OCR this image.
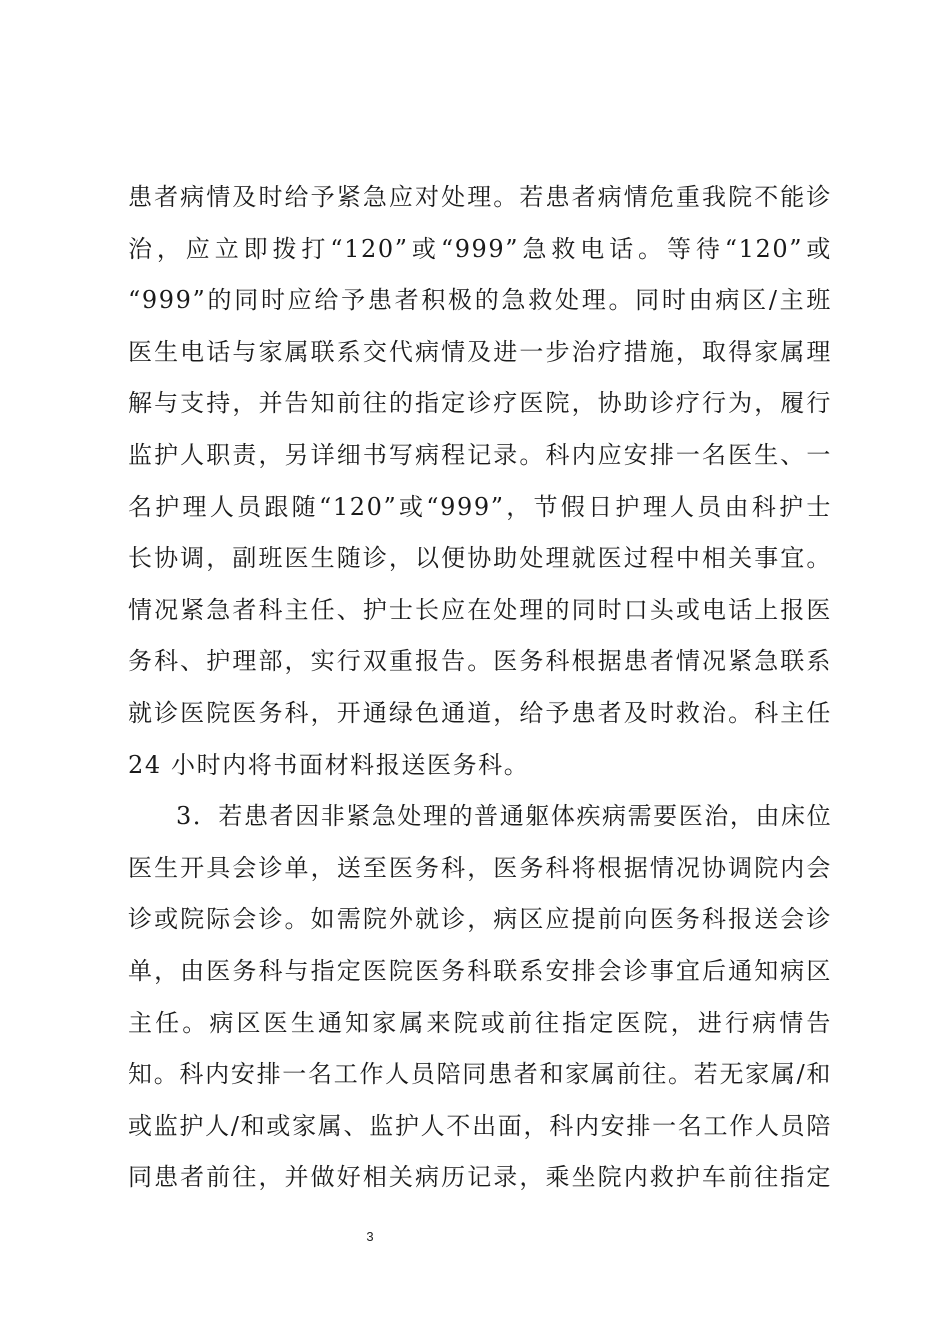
患者病情及时给予紧急应对处理。若患者病情危重我院不能诊
治，应立即拨打“120”或“999”急救电话。等待“120”或
“999”的同时应给予患者积极的急救处理。同时由病区/主班
医生电话与家属联系交代病情及进一步治疗措施，取得家属理
解与支持，并告知前往的指定诊疗医院，协助诊疗行为，履行
监护人职责，另详细书写病程记录。科内应安排一名医生、一
名护理人员跟随“120”或“999”，节假日护理人员由科护士
长协调，副班医生随诊，以便协助处理就医过程中相关事宜。
情况紧急者科主任、护士长应在处理的同时口头或电话上报医
务科、护理部，实行双重报告。医务科根据患者情况紧急联系
就诊医院医务科，开通绿色通道，给予患者及时救治。科主任
24 小时内将书面材料报送医务科。
3．若患者因非紧急处理的普通躯体疾病需要医治，由床位
医生开具会诊单，送至医务科，医务科将根据情况协调院内会
诊或院际会诊。如需院外就诊，病区应提前向医务科报送会诊
单，由医务科与指定医院医务科联系安排会诊事宜后通知病区
主任。病区医生通知家属来院或前往指定医院，进行病情告
知。科内安排一名工作人员陪同患者和家属前往。若无家属/和
或监护人/和或家属、监护人不出面，科内安排一名工作人员陪
同患者前往，并做好相关病历记录，乘坐院内救护车前往指定
3
